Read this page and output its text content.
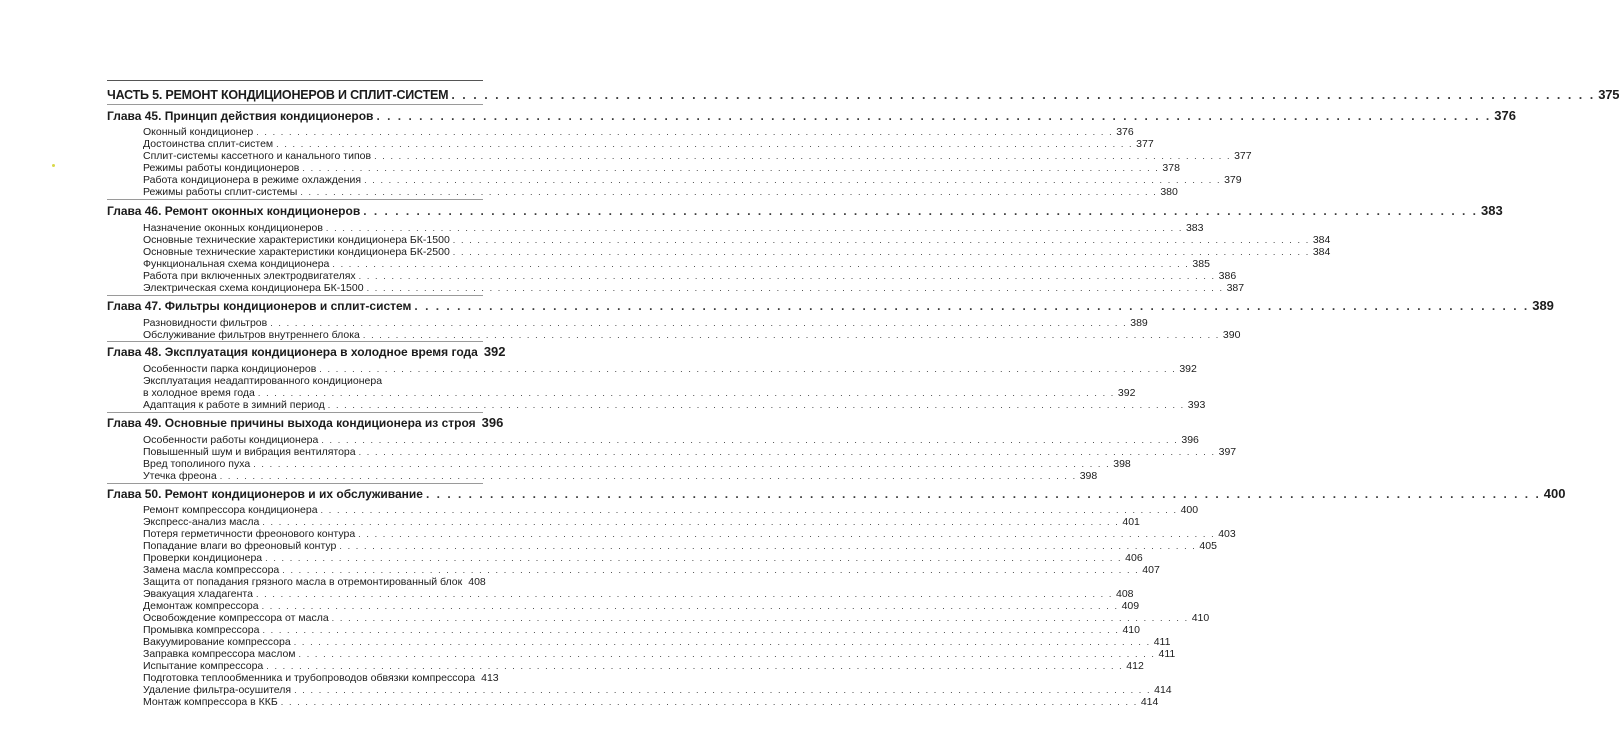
ЧАСТЬ 5. РЕМОНТ КОНДИЦИОНЕРОВ И СПЛИТ-СИСТЕМ . . .	375
Глава 45. Принцип действия кондиционеров . . .	376
Оконный кондиционер . . .	376
Достоинства сплит-систем . . .	377
Сплит-системы кассетного и канального типов . . .	377
Режимы работы кондиционеров . . .	378
Работа кондиционера в режиме охлаждения . . .	379
Режимы работы сплит-системы . . .	380
Глава 46. Ремонт оконных кондиционеров . . .	383
Назначение оконных кондиционеров . . .	383
Основные технические характеристики кондиционера БК-1500 . . .	384
Основные технические характеристики кондиционера БК-2500 . . .	384
Функциональная схема кондиционера . . .	385
Работа при включенных электродвигателях . . .	386
Электрическая схема кондиционера БК-1500 . . .	387
Глава 47. Фильтры кондиционеров и сплит-систем . . .	389
Разновидности фильтров . . .	389
Обслуживание фильтров внутреннего блока . . .	390
Глава 48. Эксплуатация кондиционера в холодное время года 392
Особенности парка кондиционеров . . .	392
Эксплуатация неадаптированного кондиционера
в холодное время года . . .	392
Адаптация к работе в зимний период . . .	393
Глава 49. Основные причины выхода кондиционера из строя 396
Особенности работы кондиционера . . .	396
Повышенный шум и вибрация вентилятора . . .	397
Вред тополиного пуха . . .	398
Утечка фреона . . .	398
Глава 50. Ремонт кондиционеров и их обслуживание . . .	400
Ремонт компрессора кондиционера . . .	400
Экспресс-анализ масла . . .	401
Потеря герметичности фреонового контура . . .	403
Попадание влаги во фреоновый контур . . .	405
Проверки кондиционера . . .	406
Замена масла компрессора . . .	407
Защита от попадания грязного масла в отремонтированный блок 408
Эвакуация хладагента . . .	408
Демонтаж компрессора . . .	409
Освобождение компрессора от масла . . .	410
Промывка компрессора . . .	410
Вакуумирование компрессора . . .	411
Заправка компрессора маслом . . .	411
Испытание компрессора . . .	412
Подготовка теплообменника и трубопроводов обвязки компрессора 413
Удаление фильтра-осушителя . . .	414
Монтаж компрессора в ККБ . . .	414
